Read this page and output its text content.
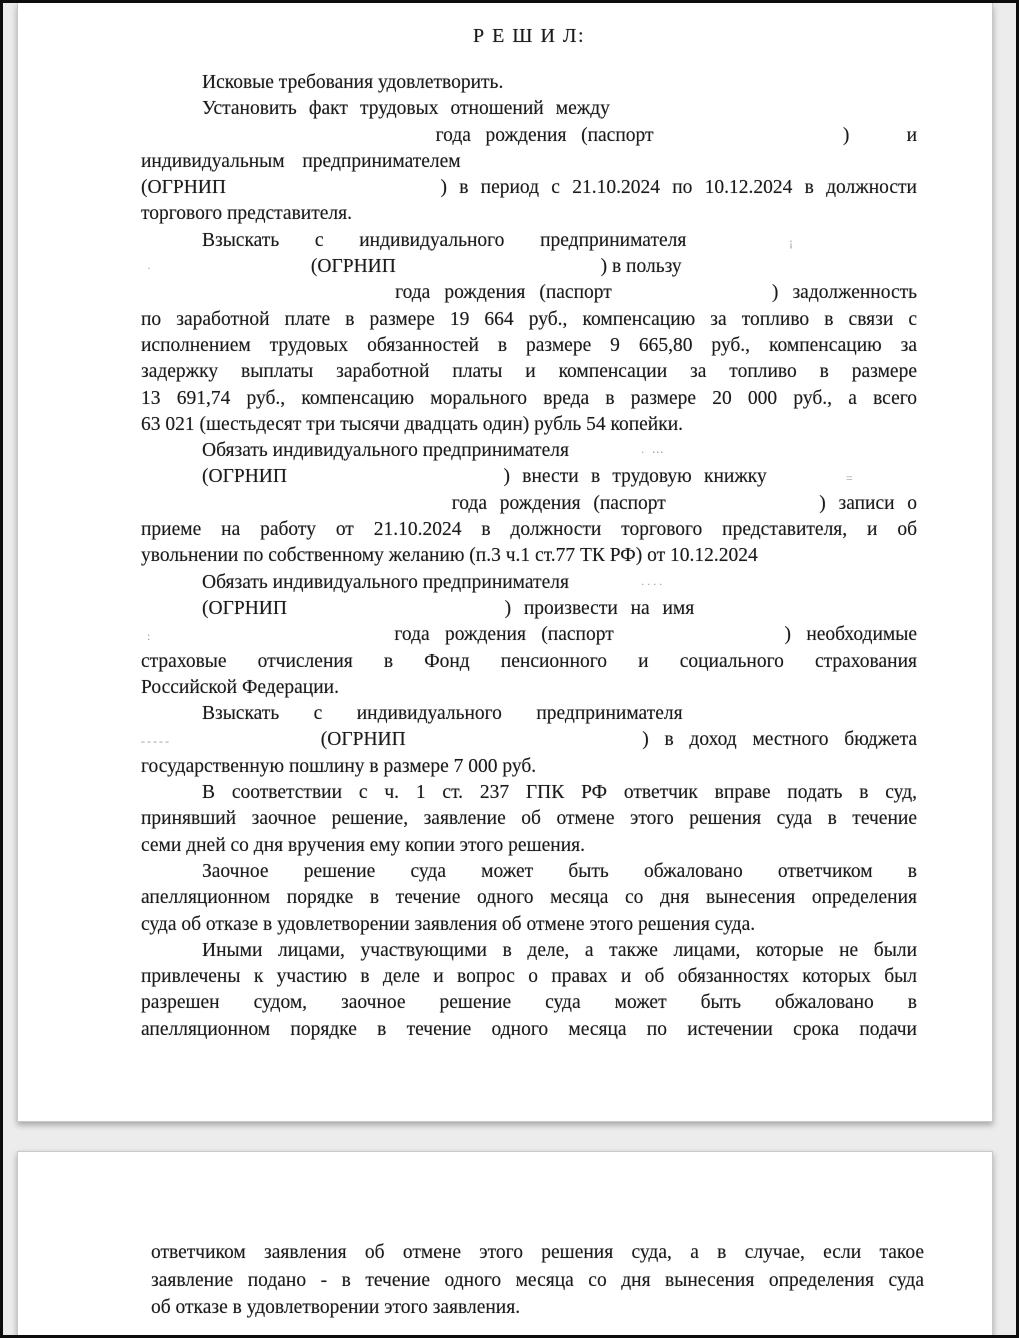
Р Е Ш И Л:
Исковые требования удовлетворить.
Установить факт трудовых отношений между
года рождения (паспорт	)	и
индивидуальным предпринимателем
(ОГРНИП	) в период с 21.10.2024 по 10.12.2024 в должности
торгового представителя.
Взыскать с индивидуального предпринимателя	¡
·	(ОГРНИП	) в пользу
года рождения (паспорт	) задолженность
по заработной плате в размере 19 664 руб., компенсацию за топливо в связи с
исполнением трудовых обязанностей в размере 9 665,80 руб., компенсацию за
задержку выплаты заработной платы и компенсации за топливо в размере
13 691,74 руб., компенсацию морального вреда в размере 20 000 руб., а всего
63 021 (шестьдесят три тысячи двадцать один) рубль 54 копейки.
Обязать индивидуального предпринимателя	· ⋯
(ОГРНИП	) внести в трудовую книжку	=
года рождения (паспорт	) записи о
приеме на работу от 21.10.2024 в должности торгового представителя, и об
увольнении по собственному желанию (п.3 ч.1 ст.77 ТК РФ) от 10.12.2024
Обязать индивидуального предпринимателя	····
(ОГРНИП	) произвести на имя
:	года рождения (паспорт	) необходимые
страховые отчисления в Фонд пенсионного и социального страхования
Российской Федерации.
Взыскать с индивидуального предпринимателя
-----	(ОГРНИП	) в доход местного бюджета
государственную пошлину в размере 7 000 руб.
В соответствии с ч. 1 ст. 237 ГПК РФ ответчик вправе подать в суд,
принявший заочное решение, заявление об отмене этого решения суда в течение
семи дней со дня вручения ему копии этого решения.
Заочное решение суда может быть обжаловано ответчиком в
апелляционном порядке в течение одного месяца со дня вынесения определения
суда об отказе в удовлетворении заявления об отмене этого решения суда.
Иными лицами, участвующими в деле, а также лицами, которые не были
привлечены к участию в деле и вопрос о правах и об обязанностях которых был
разрешен судом, заочное решение суда может быть обжаловано в
апелляционном порядке в течение одного месяца по истечении срока подачи
ответчиком заявления об отмене этого решения суда, а в случае, если такое
заявление подано - в течение одного месяца со дня вынесения определения суда
об отказе в удовлетворении этого заявления.
